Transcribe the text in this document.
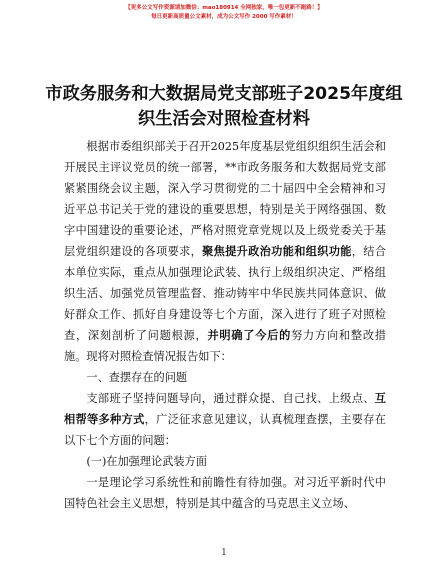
【更多公文写作资源请加微信：mao180914 全网独家，唯一包更新不跑路！】
每日更新高质量公文素材，成为公文写作 2000 写作素材！
市政务服务和大数据局党支部班子2025年度组织生活会对照检查材料

根据市委组织部关于召开2025年度基层党组织组织生活会和开展民主评议党员的统一部署，**市政务服务和大数据局党支部紧紧围绕会议主题，深入学习贯彻党的二十届四中全会精神和习近平总书记关于党的建设的重要思想，特别是关于网络强国、数字中国建设的重要论述，严格对照党章党规以及上级党委关于基层党组织建设的各项要求，聚焦提升政治功能和组织功能，结合本单位实际，重点从加强理论武装、执行上级组织决定、严格组织生活、加强党员管理监督、推动铸牢中华民族共同体意识、做好群众工作、抓好自身建设等七个方面，深入进行了班子对照检查，深刻剖析了问题根源，并明确了今后的努力方向和整改措施。现将对照检查情况报告如下：

一、查摆存在的问题

支部班子坚持问题导向，通过群众提、自己找、上级点、互相帮等多种方式，广泛征求意见建议，认真梳理查摆，主要存在以下七个方面的问题：

(一)在加强理论武装方面

一是理论学习系统性和前瞻性有待加强。对习近平新时代中国特色社会主义思想，特别是其中蕴含的马克思主义立场、

1
